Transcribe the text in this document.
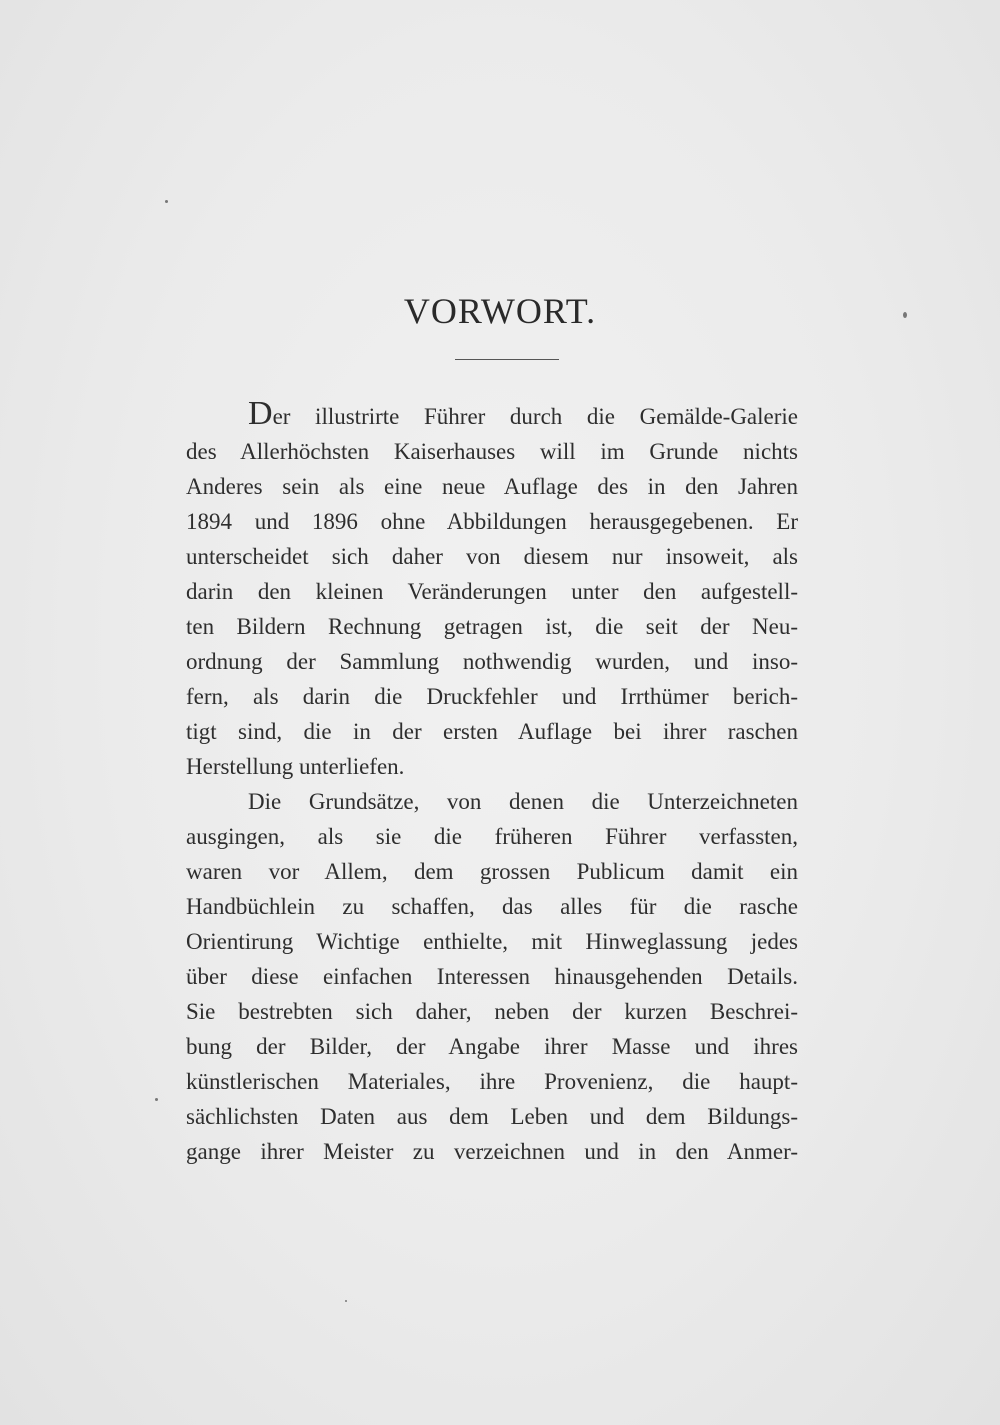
VORWORT.
Der illustrirte Führer durch die Gemälde-Galerie
des Allerhöchsten Kaiserhauses will im Grunde nichts
Anderes sein als eine neue Auflage des in den Jahren
1894 und 1896 ohne Abbildungen herausgegebenen. Er
unterscheidet sich daher von diesem nur insoweit, als
darin den kleinen Veränderungen unter den aufgestell-
ten Bildern Rechnung getragen ist, die seit der Neu-
ordnung der Sammlung nothwendig wurden, und inso-
fern, als darin die Druckfehler und Irrthümer berich-
tigt sind, die in der ersten Auflage bei ihrer raschen
Herstellung unterliefen.
Die Grundsätze, von denen die Unterzeichneten
ausgingen, als sie die früheren Führer verfassten,
waren vor Allem, dem grossen Publicum damit ein
Handbüchlein zu schaffen, das alles für die rasche
Orientirung Wichtige enthielte, mit Hinweglassung jedes
über diese einfachen Interessen hinausgehenden Details.
Sie bestrebten sich daher, neben der kurzen Beschrei-
bung der Bilder, der Angabe ihrer Masse und ihres
künstlerischen Materiales, ihre Provenienz, die haupt-
sächlichsten Daten aus dem Leben und dem Bildungs-
gange ihrer Meister zu verzeichnen und in den Anmer-
